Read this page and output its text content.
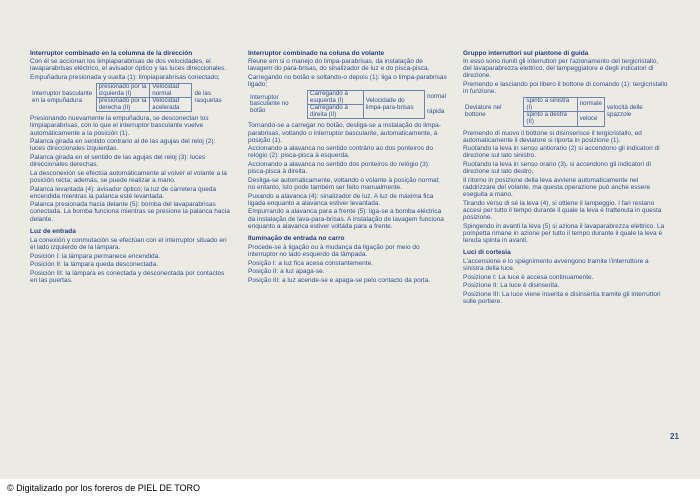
Interruptor combinado en la columna de la dirección

Con él se accionan los limpiaparabrisas de dos velocidades, el lavaparabrisas eléctrico, el avisador óptico y las luces direccionales.

Empuñadura presionada y suelta (1): limpiaparabrisas conectado;

Interruptor basculante en la empuñadura	presionado por la izquierda (I)	Velocidad normal	de las rasquetas
	presionado por la derecha (II)	Velocidad acelerada	

Presionando nuevamente la empuñadura, se desconectan los limpiaparabrisas, con lo que el interruptor basculante vuelve automáticamente a la posición (1).

Palanca girada en sentido contrario al de las agujas del reloj (2): luces direccionales izquierdas.

Palanca girada en el sentido de las agujas del reloj (3): luces direccionales derechas.

La desconexión se efectúa automáticamente al volver el volante a la posición recta; además, se puede realizar a mano.

Palanca levantada (4): avisador óptico; la luz de carretera queda encendida mientras la palanca esté levantada.

Palanca presionada hacia delante (5): bomba del lavaparabrisas conectada. La bomba funciona mientras se presione la palanca hacia delante.

Luz de entrada

La conexión y conmutación se efectúan con el interruptor situado en el lado izquierdo de la lámpara.

Posición I: la lámpara permanece encendida.

Posición II: la lámpara queda desconectada.

Posición III: la lámpara es conectada y desconectada por contactos en las puertas.

Interruptor combinado na coluna do volante

Reune em si o manejo do limpa-parabrisas, da instalação de lavagem do para-brisas, do sinalizador de luz e do pisca-pisca.

Carregando no botão e soltando-o depois (1): liga o limpa-parabrisas ligado;

Interruptor basculante no botão	Carregando à esquerda (I)	Velocidade do limpa-para-brisas	normal
	Carregando à direita (II)		rápida

Tornando-se a carregar no botão, desliga-se a instalação do limpa-parabrisas, voltando o interruptor basculante, automaticamente, à posição (1).

Accionando a alavanca no sentido contrário ao dos ponteiros do relógio (2): pisca-pisca à esquerda.

Accionando a alavanca no sentido dos ponteiros do relógio (3): pisca-pisca à direita.

Desliga-se automaticamente, voltando o volante à posição normal; no entanto, isto pode também ser feito manualmente.

Puxando a alavanca (4): sinalizador de luz. A luz de máxima fica ligada enquanto a alavanca estiver levantada.

Empurrando a alavanca para a frente (5): liga-se a bomba eléctrica da instalação de lava-para-brisas. A instalação de lavagem funciona enquanto a alavanca estiver voltada para a frente.

Iluminação de entrada no carro

Procede-se à ligação ou à mudança da ligação por meio do interruptor no lado esquerdo da lâmpada.

Posição I: a luz fica acesa constantemente.

Posição II: a luz apaga-se.

Posição III: a luz acende-se e apaga-se pelo contacto da porta.

Gruppo interruttori sul piantone di guida

In esso sono riuniti gli interruttori per l'azionamento del tergicristallo, del lavaparabrezza elettrico, del lampeggiatore e degli indicatori di direzione.

Premendo e lasciando poi libero il bottone di comando (1): tergicristallo in funzione.

Deviatore nel bottone	spinto a sinistra (I)	normale	velocità delle spazzole
	spinto a destra (II)	veloce	

Premendo di nuovo il bottone si disinserisce il tergicristallo, ed automaticamente il deviatore si riporta in posizione (1).

Ruotando la leva in senso antiorario (2) si accendono gli indicatori di direzione sul lato sinistro.

Ruotando la leva in senso orario (3), si accendono gli indicatori di direzione sul lato destro.

Il ritorno in posizione della leva avviene automaticamente nel raddrizzare del volante, ma questa operazione può anche essere eseguita a mano.

Tirando verso di sé la leva (4), si ottiene il lampeggio. I fari restano accesi per tutto il tempo durante il quale la leva è trattenuta in questa posizione.

Spingendo in avanti la leva (5) si aziona il lavaparabrezza elettrico. La pompetta rimane in azione per tutto il tempo durante il quale la leva è tenuta spinta in avanti.

Luci di cortesia

L'accensione e lo spegnimento avvengono tramite l'interruttore a sinistra della luce.

Posizione I: La luce è accesa continuamente.

Posizione II: La luce è disinserita.

Posizione III: La luce viene inserita e disinserita tramite gli interruttori sulle portiere.

21
© Digitalizado por los foreros de PIEL DE TORO
